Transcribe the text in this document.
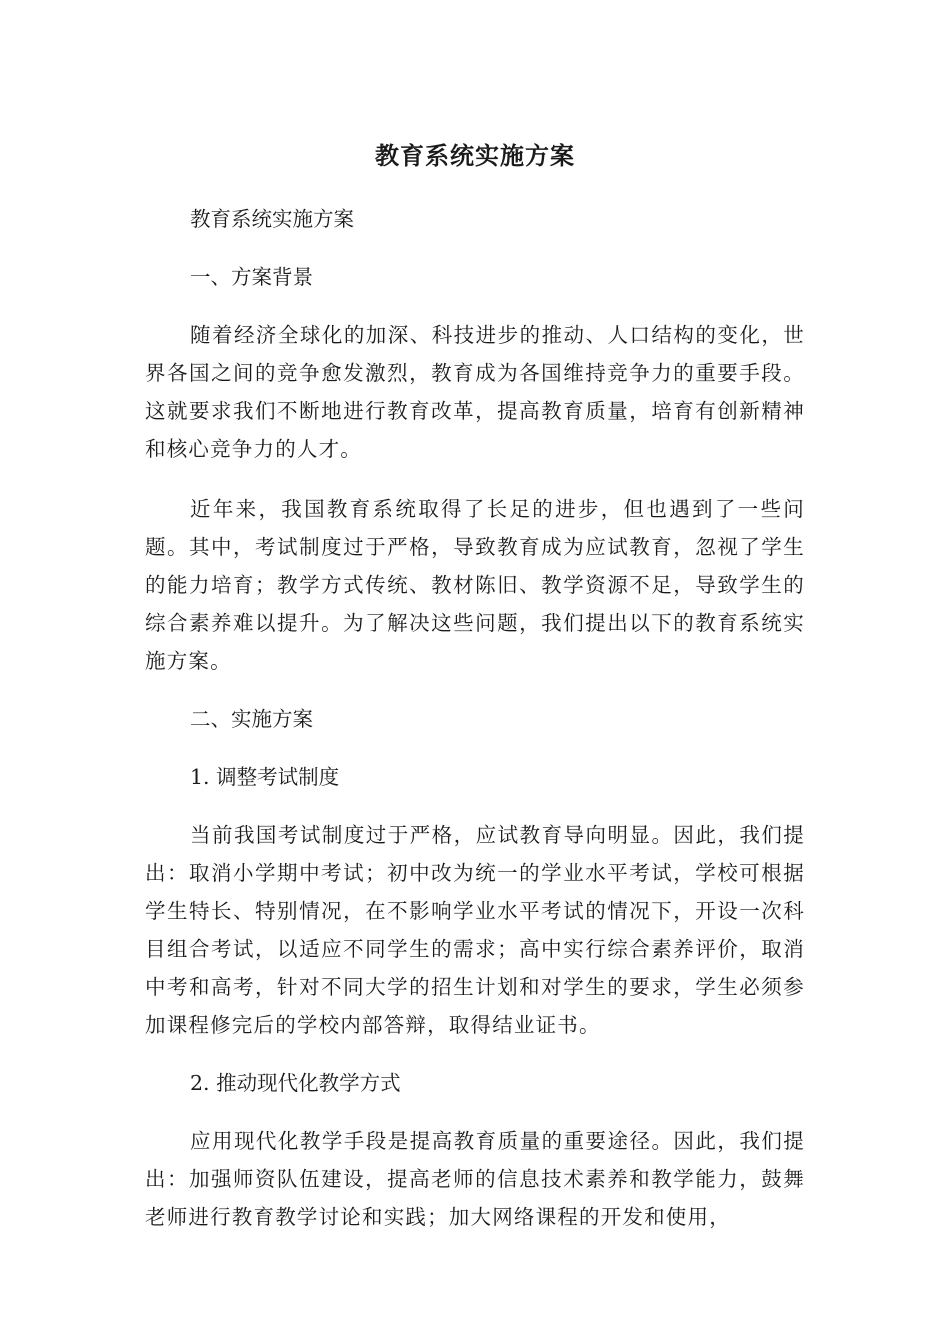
教育系统实施方案

教育系统实施方案

一、方案背景

随着经济全球化的加深、科技进步的推动、人口结构的变化，世界各国之间的竞争愈发激烈，教育成为各国维持竞争力的重要手段。这就要求我们不断地进行教育改革，提高教育质量，培育有创新精神和核心竞争力的人才。

近年来，我国教育系统取得了长足的进步，但也遇到了一些问题。其中，考试制度过于严格，导致教育成为应试教育，忽视了学生的能力培育；教学方式传统、教材陈旧、教学资源不足，导致学生的综合素养难以提升。为了解决这些问题，我们提出以下的教育系统实施方案。

二、实施方案

1. 调整考试制度

当前我国考试制度过于严格，应试教育导向明显。因此，我们提出：取消小学期中考试；初中改为统一的学业水平考试，学校可根据学生特长、特别情况，在不影响学业水平考试的情况下，开设一次科目组合考试，以适应不同学生的需求；高中实行综合素养评价，取消中考和高考，针对不同大学的招生计划和对学生的要求，学生必须参加课程修完后的学校内部答辩，取得结业证书。

2. 推动现代化教学方式

应用现代化教学手段是提高教育质量的重要途径。因此，我们提出：加强师资队伍建设，提高老师的信息技术素养和教学能力，鼓舞老师进行教育教学讨论和实践；加大网络课程的开发和使用，
